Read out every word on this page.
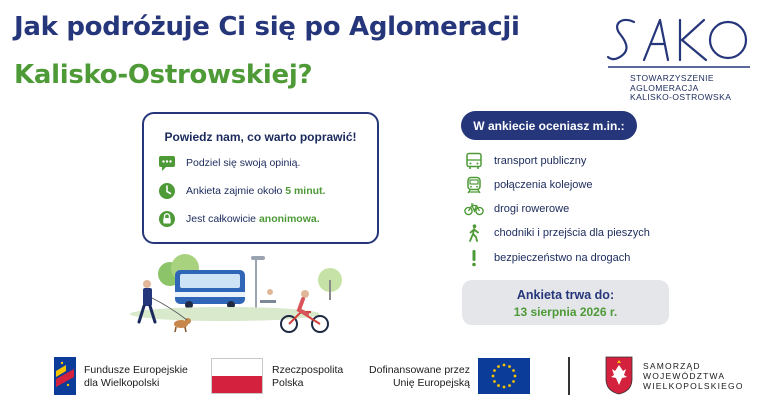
Jak podróżuje Ci się po Aglomeracji
Kalisko-Ostrowskiej?	STOWARZYSZENIE
AGLOMERACJA
KALISKO-OSTROWSKA
Powiedz nam, co warto poprawić!
Podziel się swoją opinią.
Ankieta zajmie około 5 minut.
Jest całkowicie anonimowa.
W ankiecie oceniasz m.in.:
transport publiczny
połączenia kolejowe
drogi rowerowe
chodniki i przejścia dla pieszych
bezpieczeństwo na drogach
Ankieta trwa do:
13 sierpnia 2026 r.
Fundusze Europejskie
dla Wielkopolski
Rzeczpospolita
Polska
Dofinansowane przez
Unię Europejską
SAMORZĄD
WOJEWÓDZTWA
WIELKOPOLSKIEGO
